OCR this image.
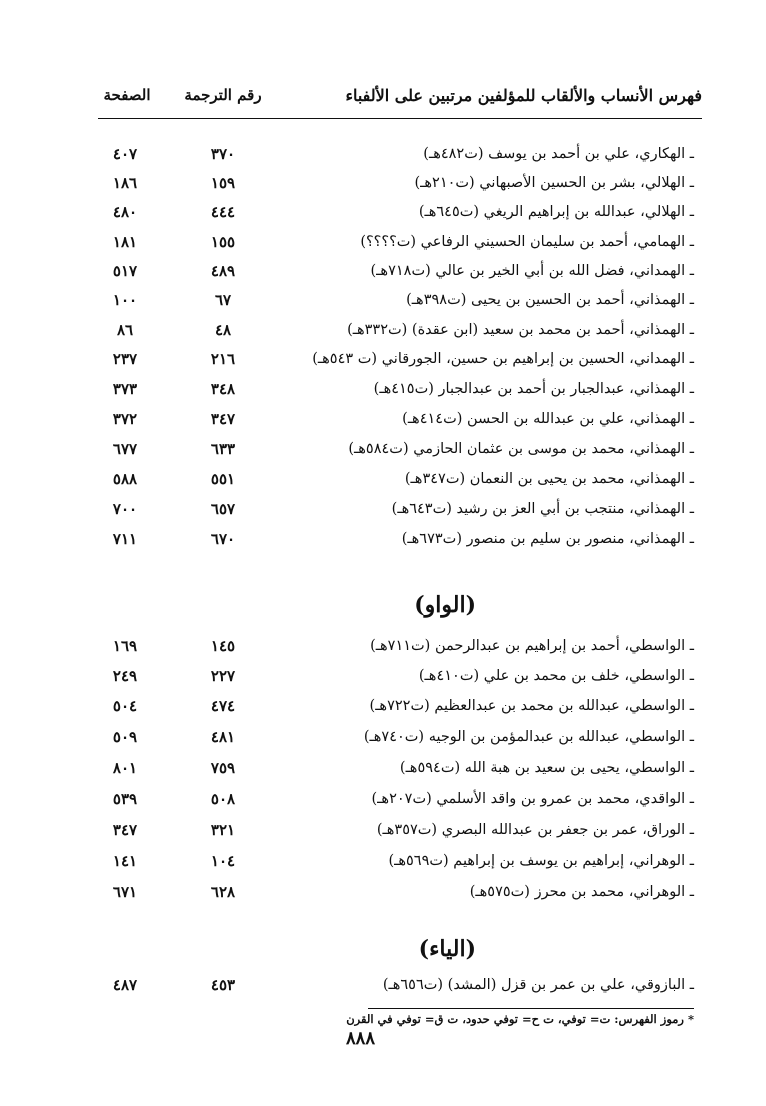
فهرس الأنساب والألقاب للمؤلفين مرتبين على الألفباء
رقم الترجمة
الصفحة
ـ الهكاري، علي بن أحمد بن يوسف (ت٤٨٢هـ)
٣٧٠
٤٠٧
ـ الهلالي، بشر بن الحسين الأصبهاني (ت٢١٠هـ)
١٥٩
١٨٦
ـ الهلالي، عبدالله بن إبراهيم الريغي (ت٦٤٥هـ)
٤٤٤
٤٨٠
ـ الهمامي، أحمد بن سليمان الحسيني الرفاعي (ت؟؟؟؟)
١٥٥
١٨١
ـ الهمداني، فضل الله بن أبي الخير بن عالي (ت٧١٨هـ)
٤٨٩
٥١٧
ـ الهمذاني، أحمد بن الحسين بن يحيى (ت٣٩٨هـ)
٦٧
١٠٠
ـ الهمذاني، أحمد بن محمد بن سعيد (ابن عقدة) (ت٣٣٢هـ)
٤٨
٨٦
ـ الهمداني، الحسين بن إبراهيم بن حسين، الجورقاني (ت ٥٤٣هـ)
٢١٦
٢٣٧
ـ الهمذاني، عبدالجبار بن أحمد بن عبدالجبار (ت٤١٥هـ)
٣٤٨
٣٧٣
ـ الهمذاني، علي بن عبدالله بن الحسن (ت٤١٤هـ)
٣٤٧
٣٧٢
ـ الهمذاني، محمد بن موسى بن عثمان الحازمي (ت٥٨٤هـ)
٦٣٣
٦٧٧
ـ الهمذاني، محمد بن يحيى بن النعمان (ت٣٤٧هـ)
٥٥١
٥٨٨
ـ الهمذاني، منتجب بن أبي العز بن رشيد (ت٦٤٣هـ)
٦٥٧
٧٠٠
ـ الهمذاني، منصور بن سليم بن منصور (ت٦٧٣هـ)
٦٧٠
٧١١
(الواو)
ـ الواسطي، أحمد بن إبراهيم بن عبدالرحمن (ت٧١١هـ)
١٤٥
١٦٩
ـ الواسطي، خلف بن محمد بن علي (ت٤١٠هـ)
٢٢٧
٢٤٩
ـ الواسطي، عبدالله بن محمد بن عبدالعظيم (ت٧٢٢هـ)
٤٧٤
٥٠٤
ـ الواسطي، عبدالله بن عبدالمؤمن بن الوجيه (ت٧٤٠هـ)
٤٨١
٥٠٩
ـ الواسطي، يحيى بن سعيد بن هبة الله (ت٥٩٤هـ)
٧٥٩
٨٠١
ـ الواقدي، محمد بن عمرو بن واقد الأسلمي (ت٢٠٧هـ)
٥٠٨
٥٣٩
ـ الوراق، عمر بن جعفر بن عبدالله البصري (ت٣٥٧هـ)
٣٢١
٣٤٧
ـ الوهراني، إبراهيم بن يوسف بن إبراهيم (ت٥٦٩هـ)
١٠٤
١٤١
ـ الوهراني، محمد بن محرز (ت٥٧٥هـ)
٦٢٨
٦٧١
(الياء)
ـ البازوقي، علي بن عمر بن قزل (المشد) (ت٦٥٦هـ)
٤٥٣
٤٨٧
* رموز الفهرس: ت= توفي، ت ح= توفي حدود، ت ق= توفي في القرن
٨٨٨
